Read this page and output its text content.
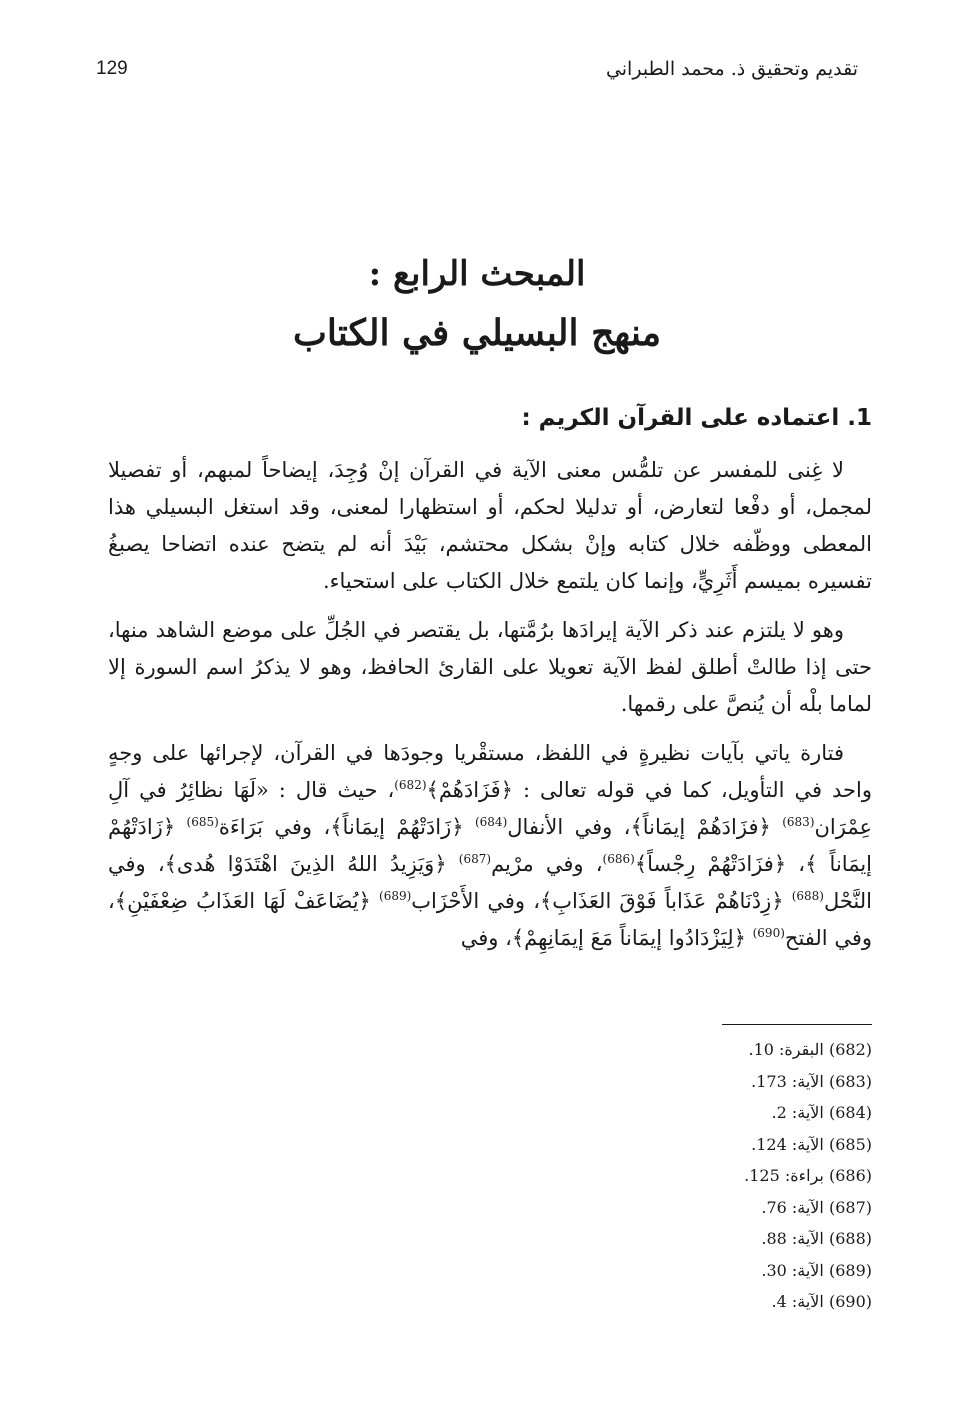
129	تقديم وتحقيق ذ. محمد الطبراني
المبحث الرابع :
منهج البسيلي في الكتاب
1. اعتماده على القرآن الكريم :

لا غِنى للمفسر عن تلمُّس معنى الآية في القرآن إنْ وُجِدَ، إيضاحاً لمبهم، أو تفصيلا لمجمل، أو دفْعا لتعارض، أو تدليلا لحكم، أو استظهارا لمعنى، وقد استغل البسيلي هذا المعطى ووظّفه خلال كتابه وإنْ بشكل محتشم، بَيْدَ أنه لم يتضح عنده اتضاحا يصبغُ تفسيره بميسم أَثَرِيٍّ، وإنما كان يلتمع خلال الكتاب على استحياء.

وهو لا يلتزم عند ذكر الآية إيرادَها برُمَّتها، بل يقتصر في الجُلِّ على موضع الشاهد منها، حتى إذا طالتْ أطلق لفظ الآية تعويلا على القارئ الحافظ، وهو لا يذكرُ اسم السورة إلا لماما بلْه أن يُنصَّ على رقمها.

فتارة ياتي بآيات نظيرةٍ في اللفظ، مستقْريا وجودَها في القرآن، لإجرائها على وجهٍ واحد في التأويل، كما في قوله تعالى : ﴿فَزَادَهُمْ﴾$^{(682)}$، حيث قال : «لَهَا نظائِرُ في آلِ عِمْرَان$^{(683)}$ ﴿فزَادَهُمْ إيمَاناً﴾، وفي الأنفال$^{(684)}$ ﴿زَادَتْهُمْ إيمَاناً﴾، وفي بَرَاءَة$^{(685)}$ ﴿زَادَتْهُمْ إيمَاناً ﴾، ﴿فزَادَتْهُمْ رِجْساً﴾$^{(686)}$، وفي مرْيم$^{(687)}$ ﴿وَيَزِيدُ اللهُ الذِينَ اهْتَدَوْا هُدى﴾، وفي النَّحْل$^{(688)}$ ﴿زِدْنَاهُمْ عَذَاباً فَوْقَ العَذَابِ﴾، وفي الأَحْزَاب$^{(689)}$ ﴿يُضَاعَفْ لَهَا العَذَابُ ضِعْفَيْنِ﴾، وفي الفتح$^{(690)}$ ﴿لِيَزْدَادُوا إيمَاناً مَعَ إيمَانِهِمْ﴾، وفي

(682) البقرة: 10.
(683) الآية: 173.
(684) الآية: 2.
(685) الآية: 124.
(686) براءة: 125.
(687) الآية: 76.
(688) الآية: 88.
(689) الآية: 30.
(690) الآية: 4.
